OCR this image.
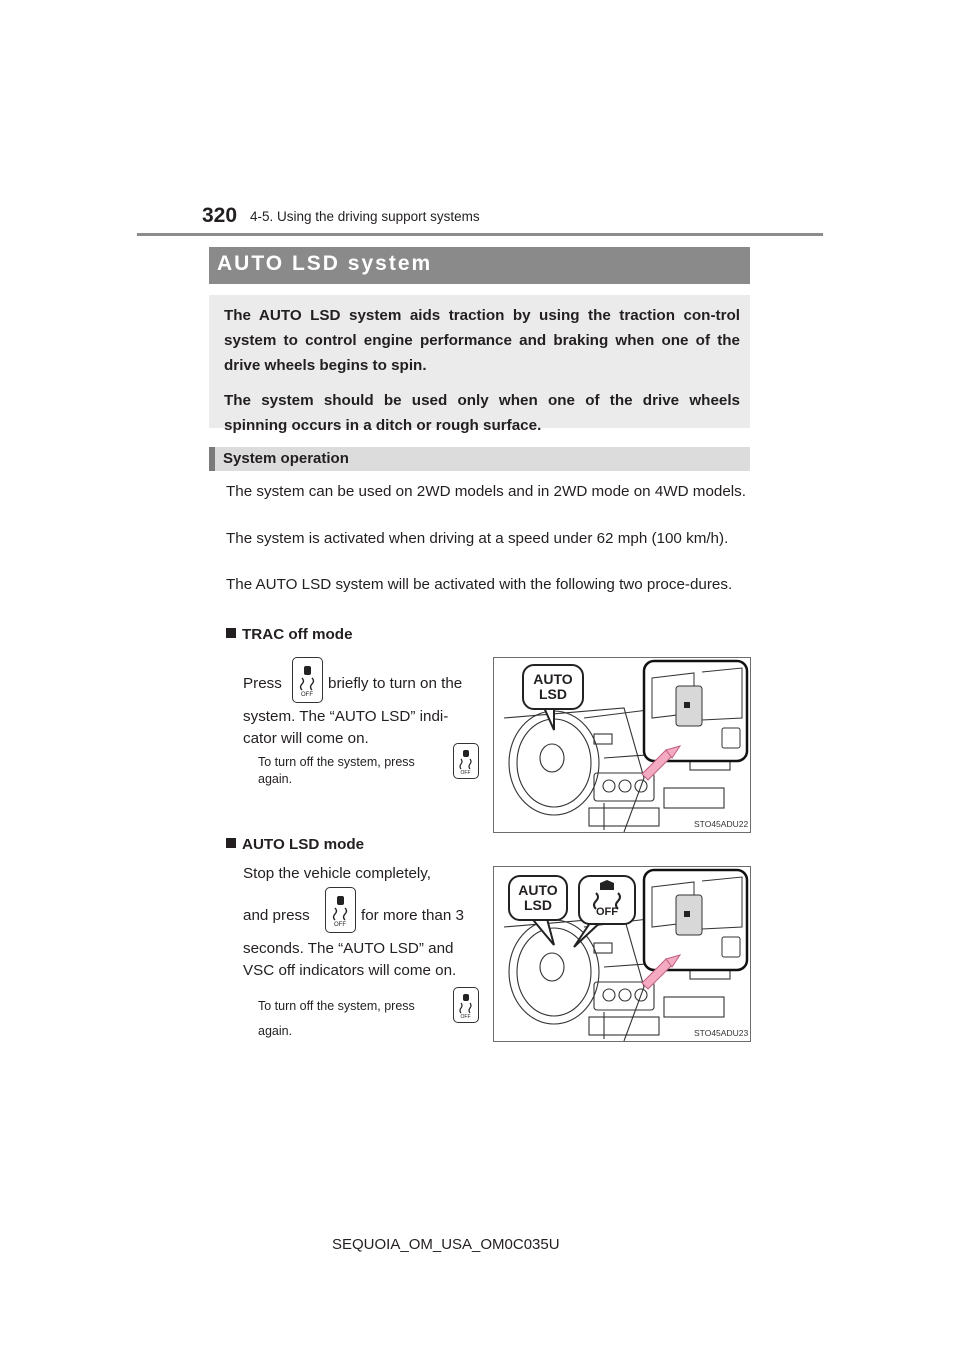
320 4-5. Using the driving support systems
AUTO LSD system

The AUTO LSD system aids traction by using the traction con-trol system to control engine performance and braking when one of the drive wheels begins to spin.

The system should be used only when one of the drive wheels spinning occurs in a ditch or rough surface.

System operation

The system can be used on 2WD models and in 2WD mode on 4WD models.

The system is activated when driving at a speed under 62 mph (100 km/h).

The AUTO LSD system will be activated with the following two proce-dures.

TRAC off mode
Press
OFF
briefly to turn on the
system. The “AUTO LSD” indi-
cator will come on.
To turn off the system, press
again.	OFF
AUTO
LSD
STO45ADU22
AUTO LSD mode
Stop the vehicle completely,
and press
OFF
for more than 3
seconds. The “AUTO LSD” and
VSC off indicators will come on.
To turn off the system, press
again.
OFF
AUTO
LSD	OFF
STO45ADU23
SEQUOIA_OM_USA_OM0C035U
